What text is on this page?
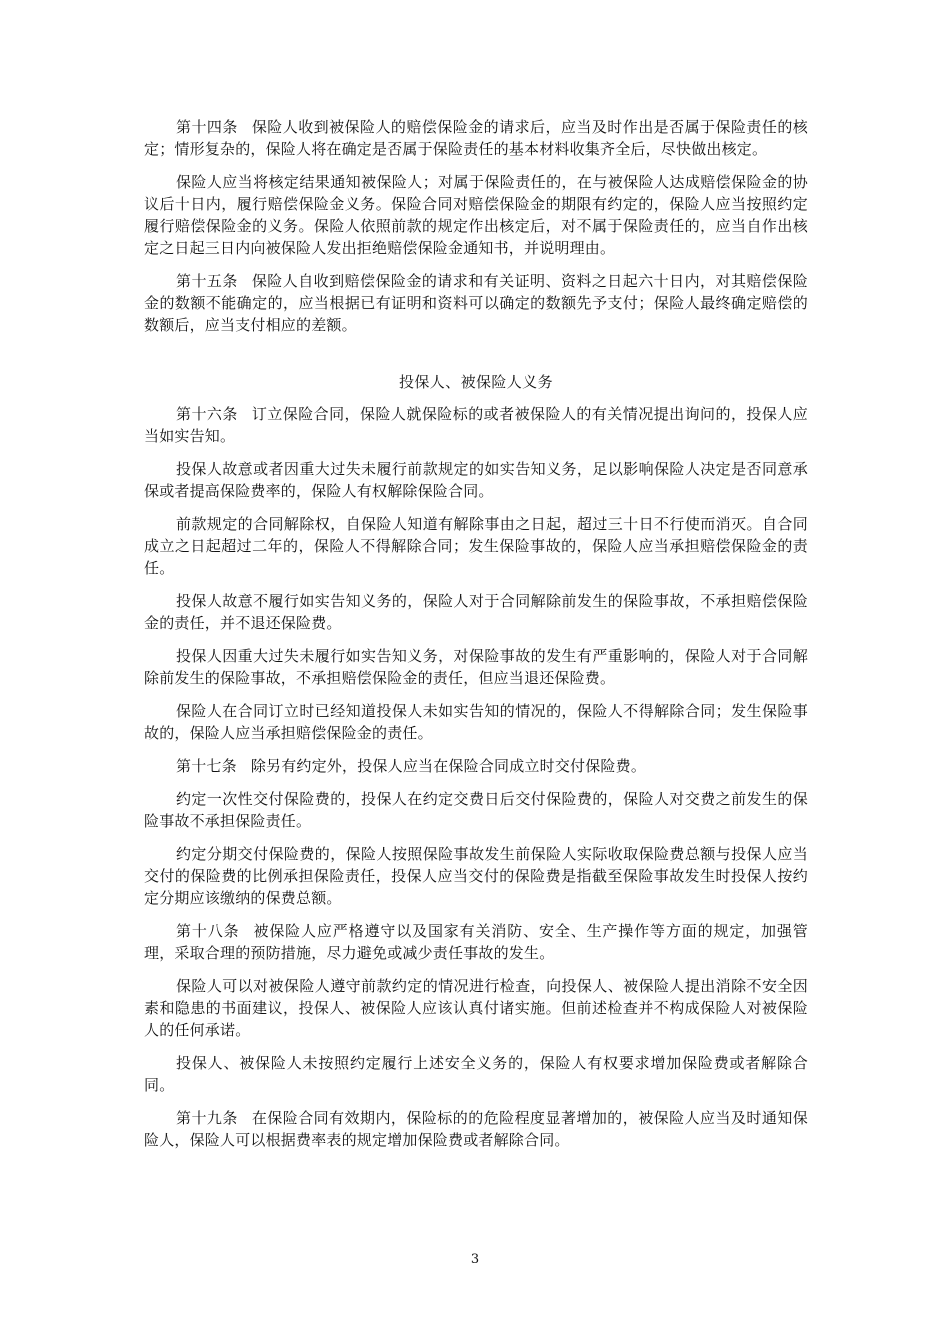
第十四条 保险人收到被保险人的赔偿保险金的请求后，应当及时作出是否属于保险责任的核定；情形复杂的，保险人将在确定是否属于保险责任的基本材料收集齐全后，尽快做出核定。

保险人应当将核定结果通知被保险人；对属于保险责任的，在与被保险人达成赔偿保险金的协议后十日内，履行赔偿保险金义务。保险合同对赔偿保险金的期限有约定的，保险人应当按照约定履行赔偿保险金的义务。保险人依照前款的规定作出核定后，对不属于保险责任的，应当自作出核定之日起三日内向被保险人发出拒绝赔偿保险金通知书，并说明理由。

第十五条 保险人自收到赔偿保险金的请求和有关证明、资料之日起六十日内，对其赔偿保险金的数额不能确定的，应当根据已有证明和资料可以确定的数额先予支付；保险人最终确定赔偿的数额后，应当支付相应的差额。

投保人、被保险人义务

第十六条 订立保险合同，保险人就保险标的或者被保险人的有关情况提出询问的，投保人应当如实告知。

投保人故意或者因重大过失未履行前款规定的如实告知义务，足以影响保险人决定是否同意承保或者提高保险费率的，保险人有权解除保险合同。

前款规定的合同解除权，自保险人知道有解除事由之日起，超过三十日不行使而消灭。自合同成立之日起超过二年的，保险人不得解除合同；发生保险事故的，保险人应当承担赔偿保险金的责任。

投保人故意不履行如实告知义务的，保险人对于合同解除前发生的保险事故，不承担赔偿保险金的责任，并不退还保险费。

投保人因重大过失未履行如实告知义务，对保险事故的发生有严重影响的，保险人对于合同解除前发生的保险事故，不承担赔偿保险金的责任，但应当退还保险费。

保险人在合同订立时已经知道投保人未如实告知的情况的，保险人不得解除合同；发生保险事故的，保险人应当承担赔偿保险金的责任。

第十七条 除另有约定外，投保人应当在保险合同成立时交付保险费。

约定一次性交付保险费的，投保人在约定交费日后交付保险费的，保险人对交费之前发生的保险事故不承担保险责任。

约定分期交付保险费的，保险人按照保险事故发生前保险人实际收取保险费总额与投保人应当交付的保险费的比例承担保险责任，投保人应当交付的保险费是指截至保险事故发生时投保人按约定分期应该缴纳的保费总额。

第十八条 被保险人应严格遵守以及国家有关消防、安全、生产操作等方面的规定，加强管理，采取合理的预防措施，尽力避免或减少责任事故的发生。

保险人可以对被保险人遵守前款约定的情况进行检查，向投保人、被保险人提出消除不安全因素和隐患的书面建议，投保人、被保险人应该认真付诸实施。但前述检查并不构成保险人对被保险人的任何承诺。

投保人、被保险人未按照约定履行上述安全义务的，保险人有权要求增加保险费或者解除合同。

第十九条 在保险合同有效期内，保险标的的危险程度显著增加的，被保险人应当及时通知保险人，保险人可以根据费率表的规定增加保险费或者解除合同。

3
